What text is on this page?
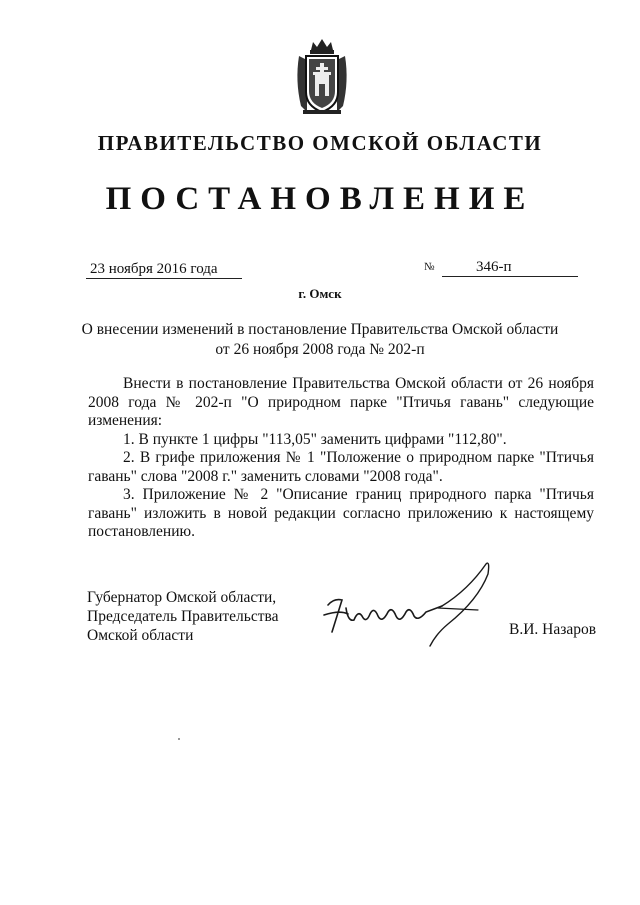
ПРАВИТЕЛЬСТВО ОМСКОЙ ОБЛАСТИ
ПОСТАНОВЛЕНИЕ
23 ноября 2016 года	№	346-п
г. Омск
О внесении изменений в постановление Правительства Омской области
от 26 ноября 2008 года № 202-п

Внести в постановление Правительства Омской области от 26 ноября 2008 года № 202-п "О природном парке "Птичья гавань" следующие изменения:

1. В пункте 1 цифры "113,05" заменить цифрами "112,80".

2. В грифе приложения № 1 "Положение о природном парке "Птичья гавань" слова "2008 г." заменить словами "2008 года".

3. Приложение № 2 "Описание границ природного парка "Птичья гавань" изложить в новой редакции согласно приложению к настоящему постановлению.

Губернатор Омской области,
Председатель Правительства
Омской области	В.И. Назаров
